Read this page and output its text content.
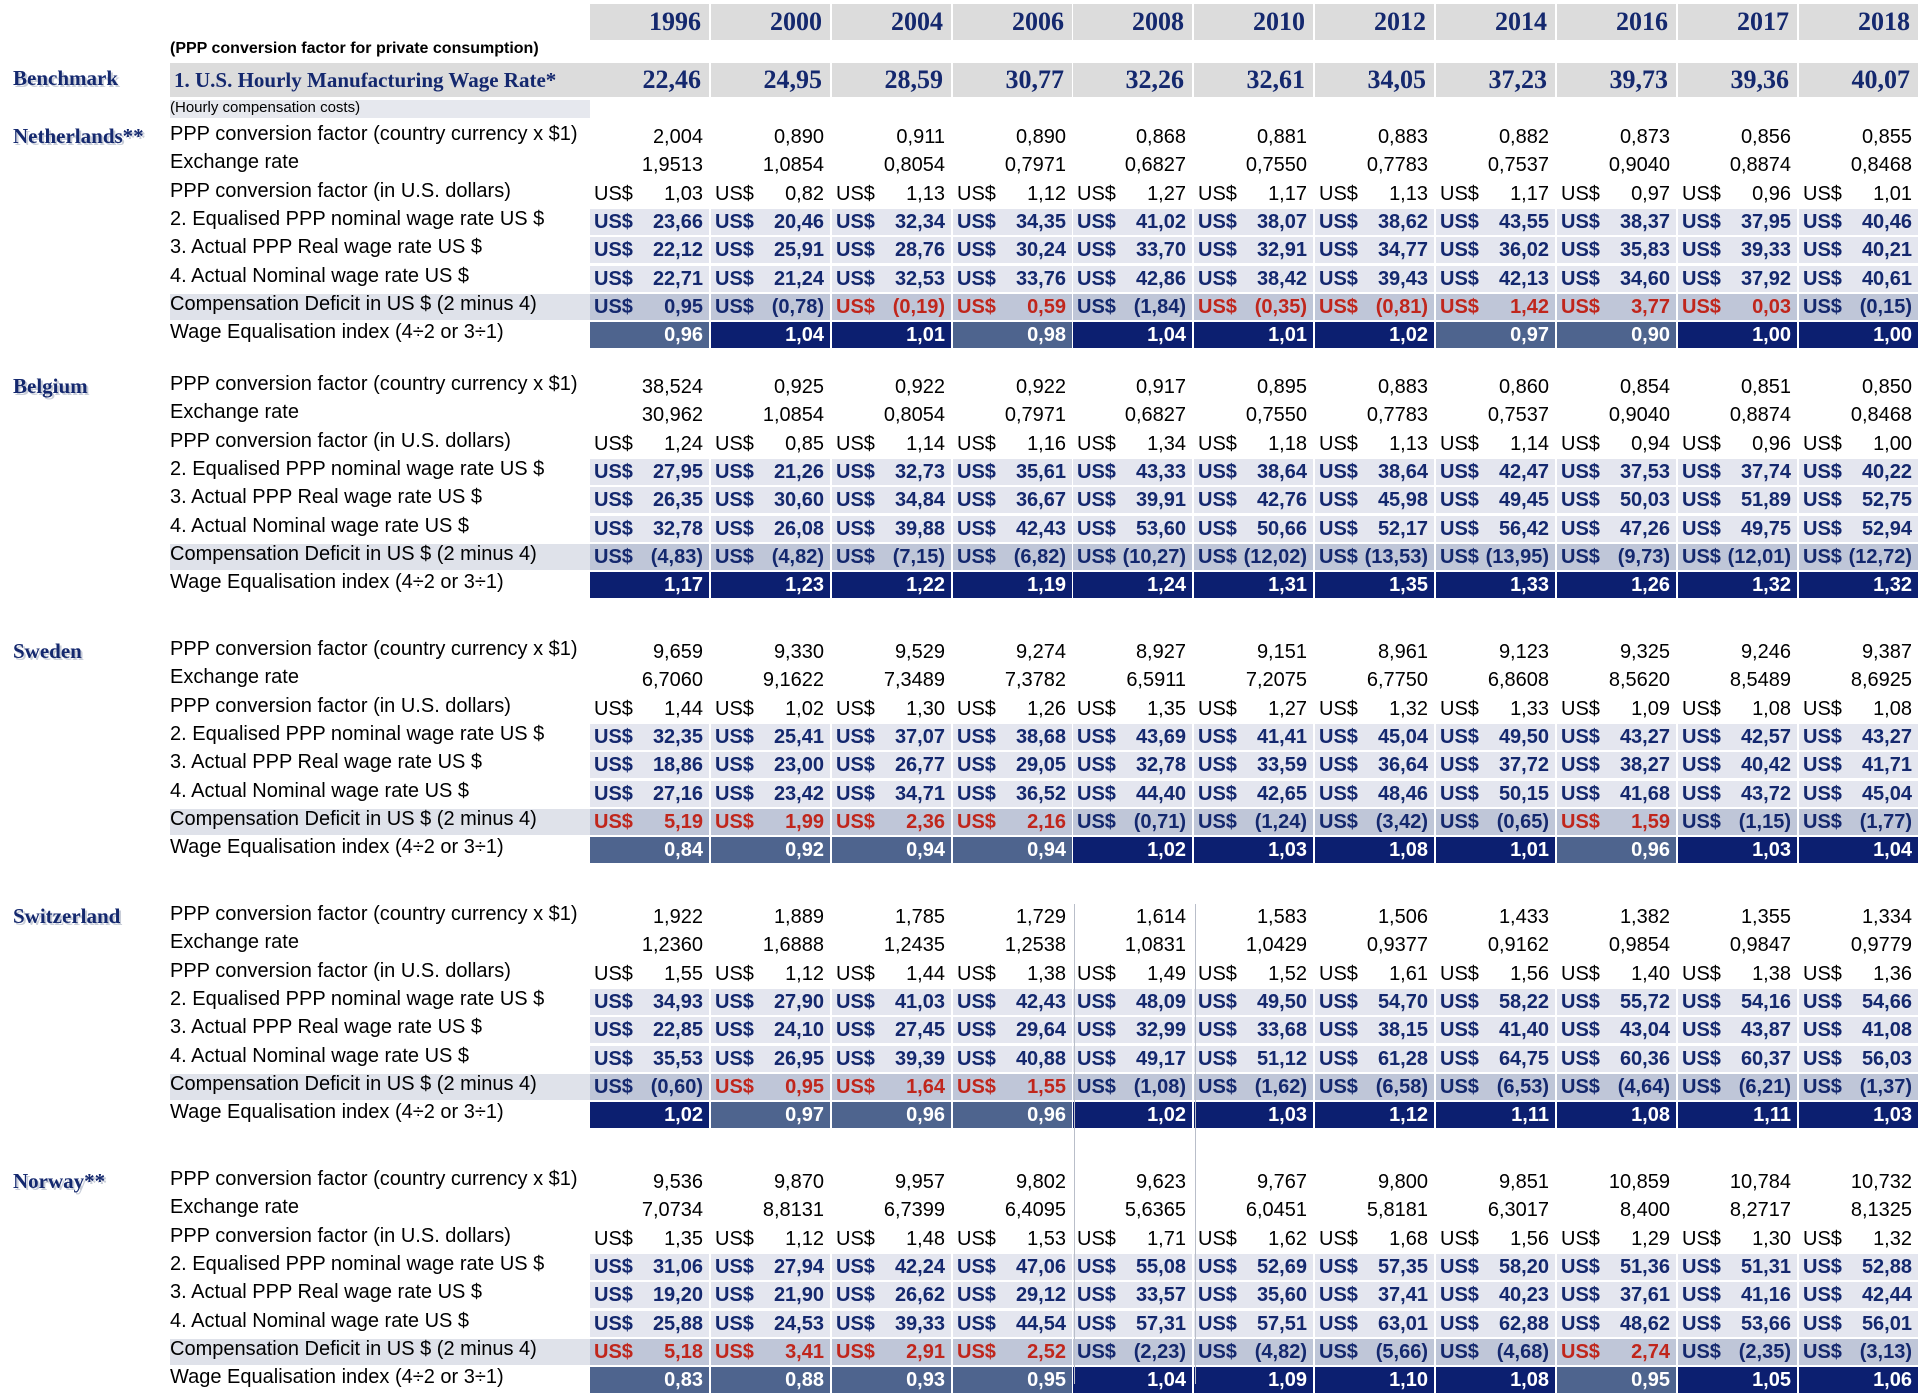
1996	2000	2004	2006	2008	2010	2012	2014	2016	2017	2018
(PPP conversion factor for private consumption)
Benchmark	1. U.S. Hourly Manufacturing Wage Rate*	22,46 24,95 28,59 30,77 32,26 32,61 34,05 37,23 39,73 39,36 40,07
(Hourly compensation costs)
Netherlands**	PPP conversion factor (country currency x $1)	2,004	0,890	0,911	0,890	0,868	0,881	0,883	0,882	0,873	0,856	0,855
Exchange rate	1,9513	1,0854	0,8054	0,7971	0,6827	0,7550	0,7783	0,7537	0,9040	0,8874	0,8468
PPP conversion factor (in U.S. dollars)	US$ 1,03 US$ 0,82 US$ 1,13 US$ 1,12 US$ 1,27 US$ 1,17 US$ 1,13 US$ 1,17 US$ 0,97 US$ 0,96 US$ 1,01
2. Equalised PPP nominal wage rate US $	US$ 23,66 US$ 20,46 US$ 32,34 US$ 34,35 US$ 41,02 US$ 38,07 US$ 38,62 US$ 43,55 US$ 38,37 US$ 37,95 US$ 40,46
3. Actual PPP Real wage rate US $	US$ 22,12 US$ 25,91 US$ 28,76 US$ 30,24 US$ 33,70 US$ 32,91 US$ 34,77 US$ 36,02 US$ 35,83 US$ 39,33 US$ 40,21
4. Actual Nominal wage rate US $	US$ 22,71 US$ 21,24 US$ 32,53 US$ 33,76 US$ 42,86 US$ 38,42 US$ 39,43 US$ 42,13 US$ 34,60 US$ 37,92 US$ 40,61
Compensation Deficit in US $ (2 minus 4)	US$ 0,95 US$ (0,78) US$ (0,19) US$ 0,59 US$ (1,84) US$ (0,35) US$ (0,81) US$ 1,42 US$ 3,77 US$ 0,03 US$ (0,15)
Wage Equalisation index (4÷2 or 3÷1)	0,96	1,04	1,01	0,98	1,04	1,01	1,02	0,97	0,90	1,00	1,00
Belgium	PPP conversion factor (country currency x $1)	38,524	0,925	0,922	0,922	0,917	0,895	0,883	0,860	0,854	0,851	0,850
Exchange rate	30,962	1,0854	0,8054	0,7971	0,6827	0,7550	0,7783	0,7537	0,9040	0,8874	0,8468
PPP conversion factor (in U.S. dollars)	US$ 1,24 US$ 0,85 US$ 1,14 US$ 1,16 US$ 1,34 US$ 1,18 US$ 1,13 US$ 1,14 US$ 0,94 US$ 0,96 US$ 1,00
2. Equalised PPP nominal wage rate US $	US$ 27,95 US$ 21,26 US$ 32,73 US$ 35,61 US$ 43,33 US$ 38,64 US$ 38,64 US$ 42,47 US$ 37,53 US$ 37,74 US$ 40,22
3. Actual PPP Real wage rate US $	US$ 26,35 US$ 30,60 US$ 34,84 US$ 36,67 US$ 39,91 US$ 42,76 US$ 45,98 US$ 49,45 US$ 50,03 US$ 51,89 US$ 52,75
4. Actual Nominal wage rate US $	US$ 32,78 US$ 26,08 US$ 39,88 US$ 42,43 US$ 53,60 US$ 50,66 US$ 52,17 US$ 56,42 US$ 47,26 US$ 49,75 US$ 52,94
Compensation Deficit in US $ (2 minus 4)	US$ (4,83) US$ (4,82) US$ (7,15) US$ (6,82) US$ (10,27) US$ (12,02) US$ (13,53) US$ (13,95) US$ (9,73) US$ (12,01) US$ (12,72)
Wage Equalisation index (4÷2 or 3÷1)	1,17	1,23	1,22	1,19	1,24	1,31	1,35	1,33	1,26	1,32	1,32
Sweden	PPP conversion factor (country currency x $1)	9,659	9,330	9,529	9,274	8,927	9,151	8,961	9,123	9,325	9,246	9,387
Exchange rate	6,7060	9,1622	7,3489	7,3782	6,5911	7,2075	6,7750	6,8608	8,5620	8,5489	8,6925
PPP conversion factor (in U.S. dollars)	US$ 1,44 US$ 1,02 US$ 1,30 US$ 1,26 US$ 1,35 US$ 1,27 US$ 1,32 US$ 1,33 US$ 1,09 US$ 1,08 US$ 1,08
2. Equalised PPP nominal wage rate US $	US$ 32,35 US$ 25,41 US$ 37,07 US$ 38,68 US$ 43,69 US$ 41,41 US$ 45,04 US$ 49,50 US$ 43,27 US$ 42,57 US$ 43,27
3. Actual PPP Real wage rate US $	US$ 18,86 US$ 23,00 US$ 26,77 US$ 29,05 US$ 32,78 US$ 33,59 US$ 36,64 US$ 37,72 US$ 38,27 US$ 40,42 US$ 41,71
4. Actual Nominal wage rate US $	US$ 27,16 US$ 23,42 US$ 34,71 US$ 36,52 US$ 44,40 US$ 42,65 US$ 48,46 US$ 50,15 US$ 41,68 US$ 43,72 US$ 45,04
Compensation Deficit in US $ (2 minus 4)	US$ 5,19 US$ 1,99 US$ 2,36 US$ 2,16 US$ (0,71) US$ (1,24) US$ (3,42) US$ (0,65) US$ 1,59 US$ (1,15) US$ (1,77)
Wage Equalisation index (4÷2 or 3÷1)	0,84	0,92	0,94	0,94	1,02	1,03	1,08	1,01	0,96	1,03	1,04
Switzerland	PPP conversion factor (country currency x $1)	1,922	1,889	1,785	1,729	1,614	1,583	1,506	1,433	1,382	1,355	1,334
Exchange rate	1,2360	1,6888	1,2435	1,2538	1,0831	1,0429	0,9377	0,9162	0,9854	0,9847	0,9779
PPP conversion factor (in U.S. dollars)	US$ 1,55 US$ 1,12 US$ 1,44 US$ 1,38 US$ 1,49 US$ 1,52 US$ 1,61 US$ 1,56 US$ 1,40 US$ 1,38 US$ 1,36
2. Equalised PPP nominal wage rate US $	US$ 34,93 US$ 27,90 US$ 41,03 US$ 42,43 US$ 48,09 US$ 49,50 US$ 54,70 US$ 58,22 US$ 55,72 US$ 54,16 US$ 54,66
3. Actual PPP Real wage rate US $	US$ 22,85 US$ 24,10 US$ 27,45 US$ 29,64 US$ 32,99 US$ 33,68 US$ 38,15 US$ 41,40 US$ 43,04 US$ 43,87 US$ 41,08
4. Actual Nominal wage rate US $	US$ 35,53 US$ 26,95 US$ 39,39 US$ 40,88 US$ 49,17 US$ 51,12 US$ 61,28 US$ 64,75 US$ 60,36 US$ 60,37 US$ 56,03
Compensation Deficit in US $ (2 minus 4)	US$ (0,60) US$ 0,95 US$ 1,64 US$ 1,55 US$ (1,08) US$ (1,62) US$ (6,58) US$ (6,53) US$ (4,64) US$ (6,21) US$ (1,37)
Wage Equalisation index (4÷2 or 3÷1)	1,02	0,97	0,96	0,96	1,02	1,03	1,12	1,11	1,08	1,11	1,03
Norway**	PPP conversion factor (country currency x $1)	9,536	9,870	9,957	9,802	9,623	9,767	9,800	9,851	10,859	10,784	10,732
Exchange rate	7,0734	8,8131	6,7399	6,4095	5,6365	6,0451	5,8181	6,3017	8,400	8,2717	8,1325
PPP conversion factor (in U.S. dollars)	US$ 1,35 US$ 1,12 US$ 1,48 US$ 1,53 US$ 1,71 US$ 1,62 US$ 1,68 US$ 1,56 US$ 1,29 US$ 1,30 US$ 1,32
2. Equalised PPP nominal wage rate US $	US$ 31,06 US$ 27,94 US$ 42,24 US$ 47,06 US$ 55,08 US$ 52,69 US$ 57,35 US$ 58,20 US$ 51,36 US$ 51,31 US$ 52,88
3. Actual PPP Real wage rate US $	US$ 19,20 US$ 21,90 US$ 26,62 US$ 29,12 US$ 33,57 US$ 35,60 US$ 37,41 US$ 40,23 US$ 37,61 US$ 41,16 US$ 42,44
4. Actual Nominal wage rate US $	US$ 25,88 US$ 24,53 US$ 39,33 US$ 44,54 US$ 57,31 US$ 57,51 US$ 63,01 US$ 62,88 US$ 48,62 US$ 53,66 US$ 56,01
Compensation Deficit in US $ (2 minus 4)	US$ 5,18 US$ 3,41 US$ 2,91 US$ 2,52 US$ (2,23) US$ (4,82) US$ (5,66) US$ (4,68) US$ 2,74 US$ (2,35) US$ (3,13)
Wage Equalisation index (4÷2 or 3÷1)	0,83	0,88	0,93	0,95	1,04	1,09	1,10	1,08	0,95	1,05	1,06
